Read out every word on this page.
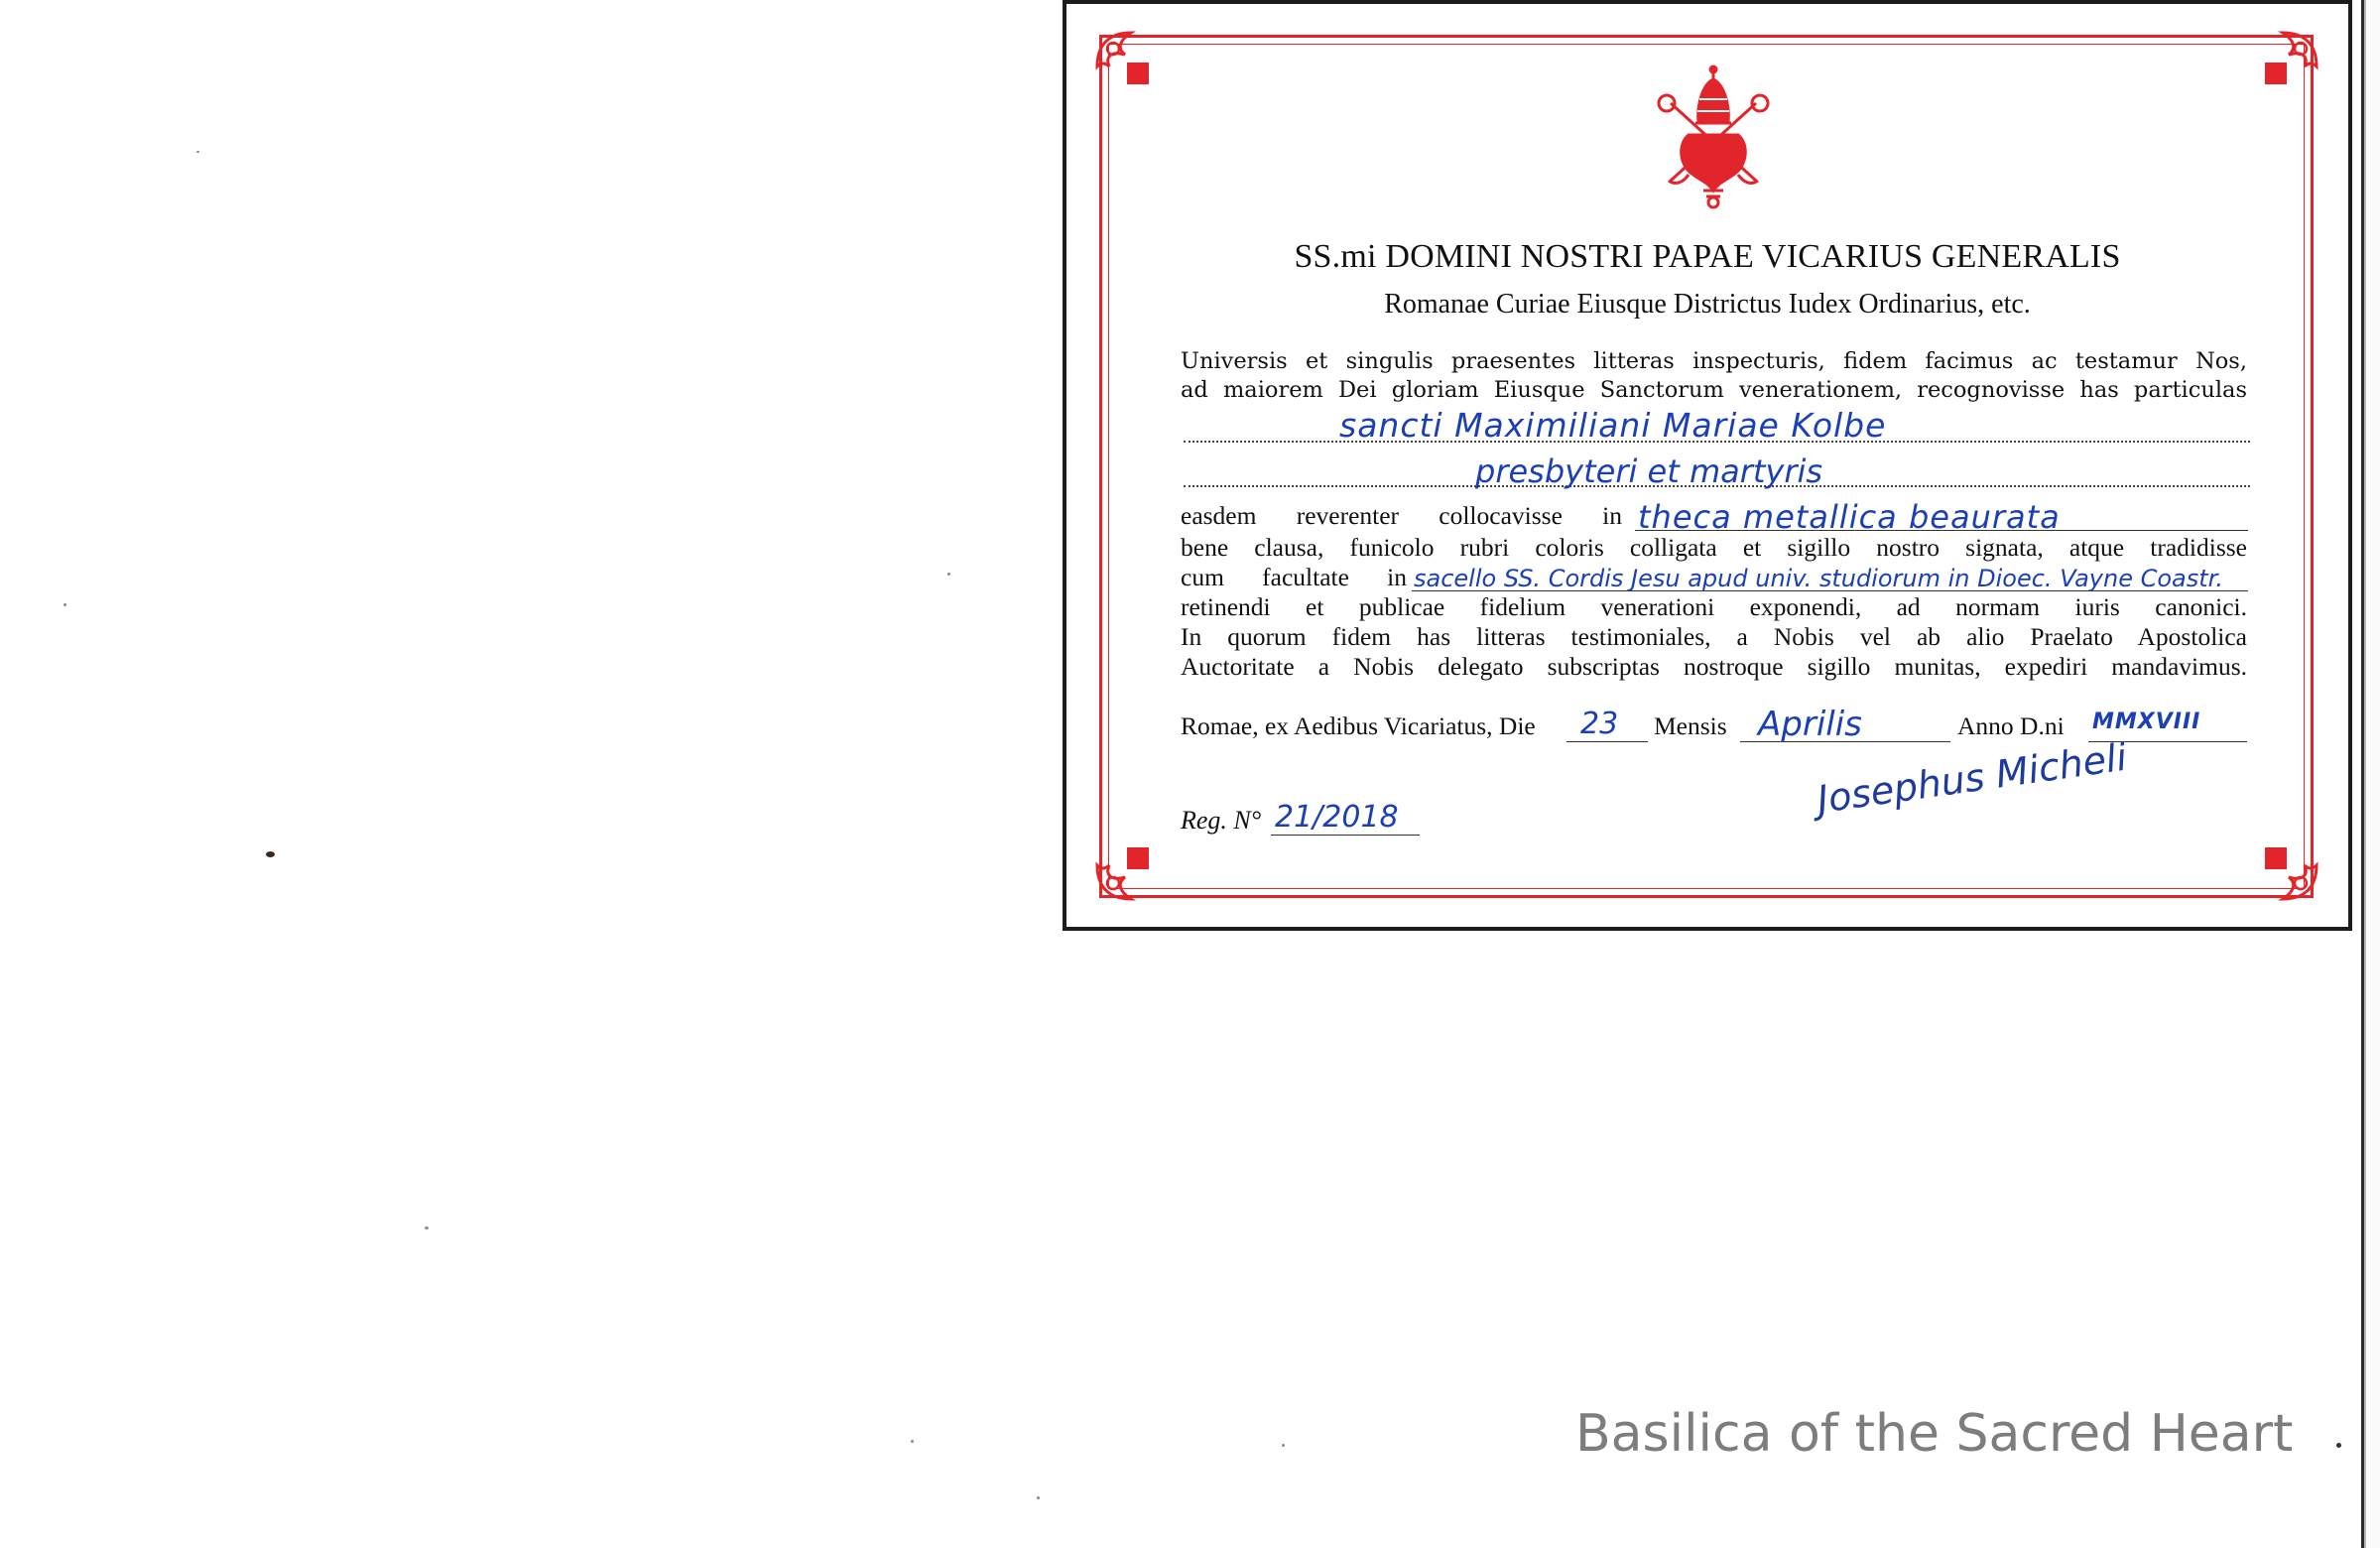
SS.mi DOMINI NOSTRI PAPAE VICARIUS GENERALIS
Romanae Curiae Eiusque Districtus Iudex Ordinarius, etc.
Universis et singulis praesentes litteras inspecturis, fidem facimus ac testamur Nos,
ad maiorem Dei gloriam Eiusque Sanctorum venerationem, recognovisse has particulas
sancti Maximiliani Mariae Kolbe
presbyteri et martyris
easdem reverenter collocavisse in theca metallica beaurata
bene clausa, funicolo rubri coloris colligata et sigillo nostro signata, atque tradidisse
cum facultate in sacello SS. Cordis Jesu apud univ. studiorum in Dioec. Vayne Coastr.
retinendi et publicae fidelium venerationi exponendi, ad normam iuris canonici.
In quorum fidem has litteras testimoniales, a Nobis vel ab alio Praelato Apostolica
Auctoritate a Nobis delegato subscriptas nostroque sigillo munitas, expediri mandavimus.
Romae, ex Aedibus Vicariatus, Die 23 Mensis Aprilis	Anno D.ni MMXVIII
Reg. N° 21/2018	Josephus Micheli
Basilica of the Sacred Heart
